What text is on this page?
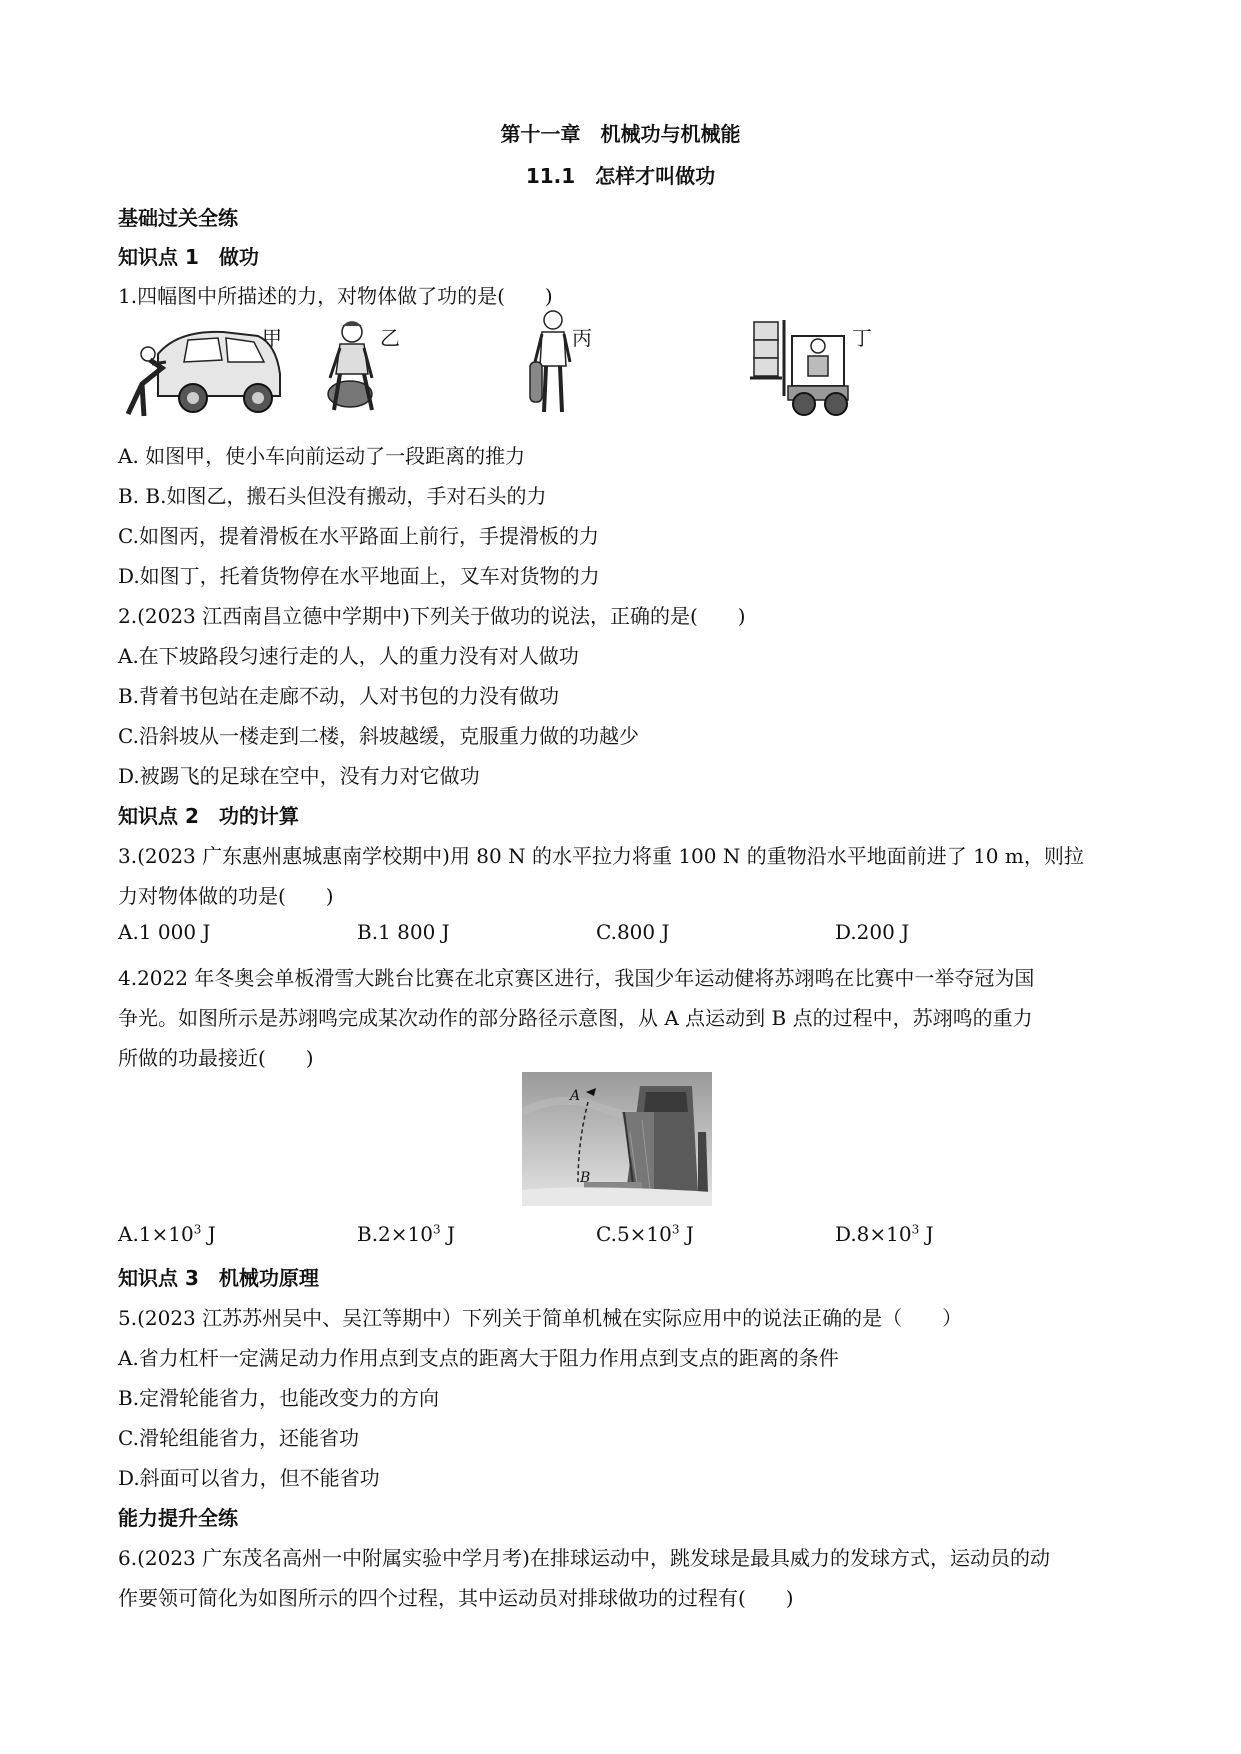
第十一章　机械功与机械能
11.1　怎样才叫做功
基础过关全练
知识点 1　做功
1.四幅图中所描述的力，对物体做了功的是(　　)
甲	乙	丙	丁
A. 如图甲，使小车向前运动了一段距离的推力
B. B.如图乙，搬石头但没有搬动，手对石头的力
C.如图丙，提着滑板在水平路面上前行，手提滑板的力
D.如图丁，托着货物停在水平地面上，叉车对货物的力
2.(2023 江西南昌立德中学期中)下列关于做功的说法，正确的是(　　)
A.在下坡路段匀速行走的人，人的重力没有对人做功
B.背着书包站在走廊不动，人对书包的力没有做功
C.沿斜坡从一楼走到二楼，斜坡越缓，克服重力做的功越少
D.被踢飞的足球在空中，没有力对它做功
知识点 2　功的计算
3.(2023 广东惠州惠城惠南学校期中)用 80 N 的水平拉力将重 100 N 的重物沿水平地面前进了 10 m，则拉
力对物体做的功是(　　)
A.1 000 J	B.1 800 J	C.800 J	D.200 J
4.2022 年冬奥会单板滑雪大跳台比赛在北京赛区进行，我国少年运动健将苏翊鸣在比赛中一举夺冠为国
争光。如图所示是苏翊鸣完成某次动作的部分路径示意图，从 A 点运动到 B 点的过程中，苏翊鸣的重力
所做的功最接近(　　)
A
B
$A.1\times 10^3$ J	$B.2\times 10^3$ J	$C.5\times 10^3$ J	$D.8\times 10^3$ J
知识点 3　机械功原理
5.(2023 江苏苏州吴中、吴江等期中）下列关于简单机械在实际应用中的说法正确的是（　　）
A.省力杠杆一定满足动力作用点到支点的距离大于阻力作用点到支点的距离的条件
B.定滑轮能省力，也能改变力的方向
C.滑轮组能省力，还能省功
D.斜面可以省力，但不能省功
能力提升全练
6.(2023 广东茂名高州一中附属实验中学月考)在排球运动中，跳发球是最具威力的发球方式，运动员的动
作要领可简化为如图所示的四个过程，其中运动员对排球做功的过程有(　　)
